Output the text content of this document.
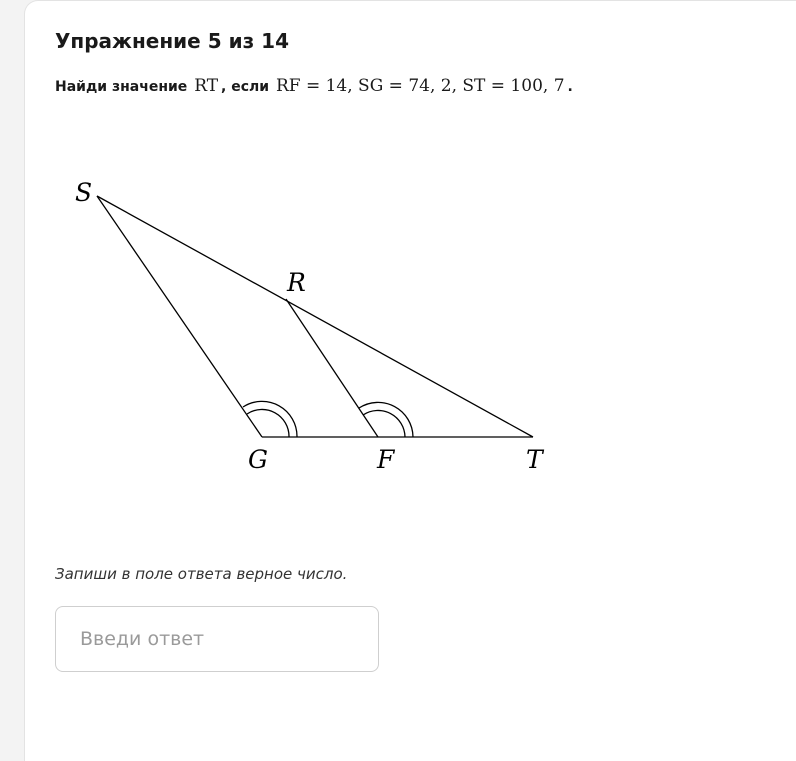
Упражнение 5 из 14
Найди значение RT , если RF = 14, SG = 74, 2, ST = 100, 7 .
Запиши в поле ответа верное число.
Введи ответ
S
R
G	F	T
